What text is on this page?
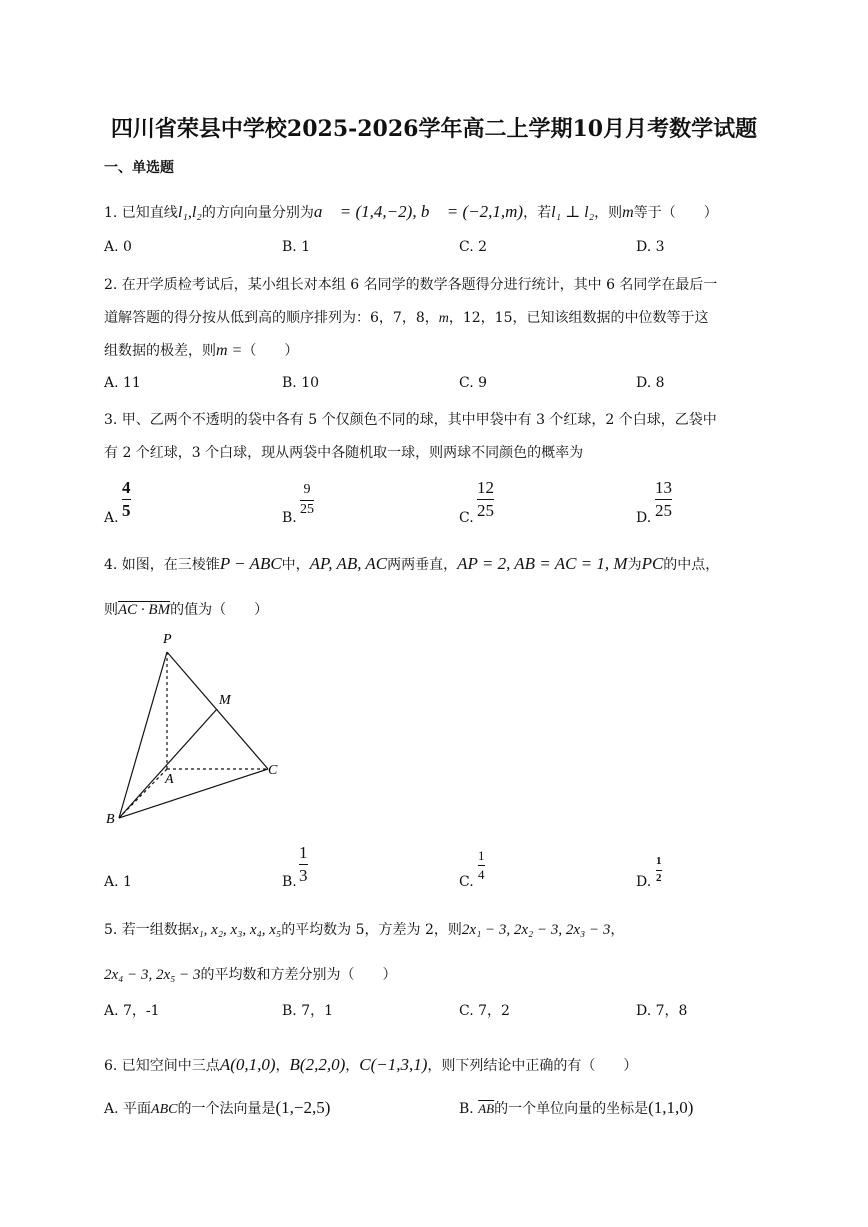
四川省荣县中学校2025-2026学年高二上学期10月月考数学试题
一、单选题
1. 已知直线l₁,l₂的方向向量分别为a⃗ = (1,4,−2), b⃗ = (−2,1,m)，若l₁ ⊥ l₂，则m等于（　　）
A. 0	B. 1	C. 2	D. 3
2. 在开学质检考试后，某小组长对本组 6 名同学的数学各题得分进行统计，其中 6 名同学在最后一
道解答题的得分按从低到高的顺序排列为：6，7，8，m，12，15，已知该组数据的中位数等于这
组数据的极差，则m =（　　）
A. 11	B. 10	C. 9	D. 8
3. 甲、乙两个不透明的袋中各有 5 个仅颜色不同的球，其中甲袋中有 3 个红球，2 个白球，乙袋中
有 2 个红球，3 个白球，现从两袋中各随机取一球，则两球不同颜色的概率为
A.
4
5	B.
9
25
C.
12
25	D.
13
25
4. 如图，在三棱锥P − ABC中，AP, AB, AC两两垂直，AP = 2, AB = AC = 1, M为PC的中点，
则AC · BM的值为（　　）
P
M
A
C
B
A. 1	B.
1
3	C.
1
4	D.
1
2
5. 若一组数据x₁, x₂, x₃, x₄, x₅的平均数为 5，方差为 2，则2x₁ − 3, 2x₂ − 3, 2x₃ − 3，
2x₄ − 3, 2x₅ − 3的平均数和方差分别为（　　）
A. 7，-1	B. 7，1	C. 7，2	D. 7，8
6. 已知空间中三点A(0,1,0)，B(2,2,0)，C(−1,3,1)，则下列结论中正确的有（　　）
A. 平面ABC的一个法向量是(1,−2,5)	B. $\overline{AB}$的一个单位向量的坐标是(1,1,0)
